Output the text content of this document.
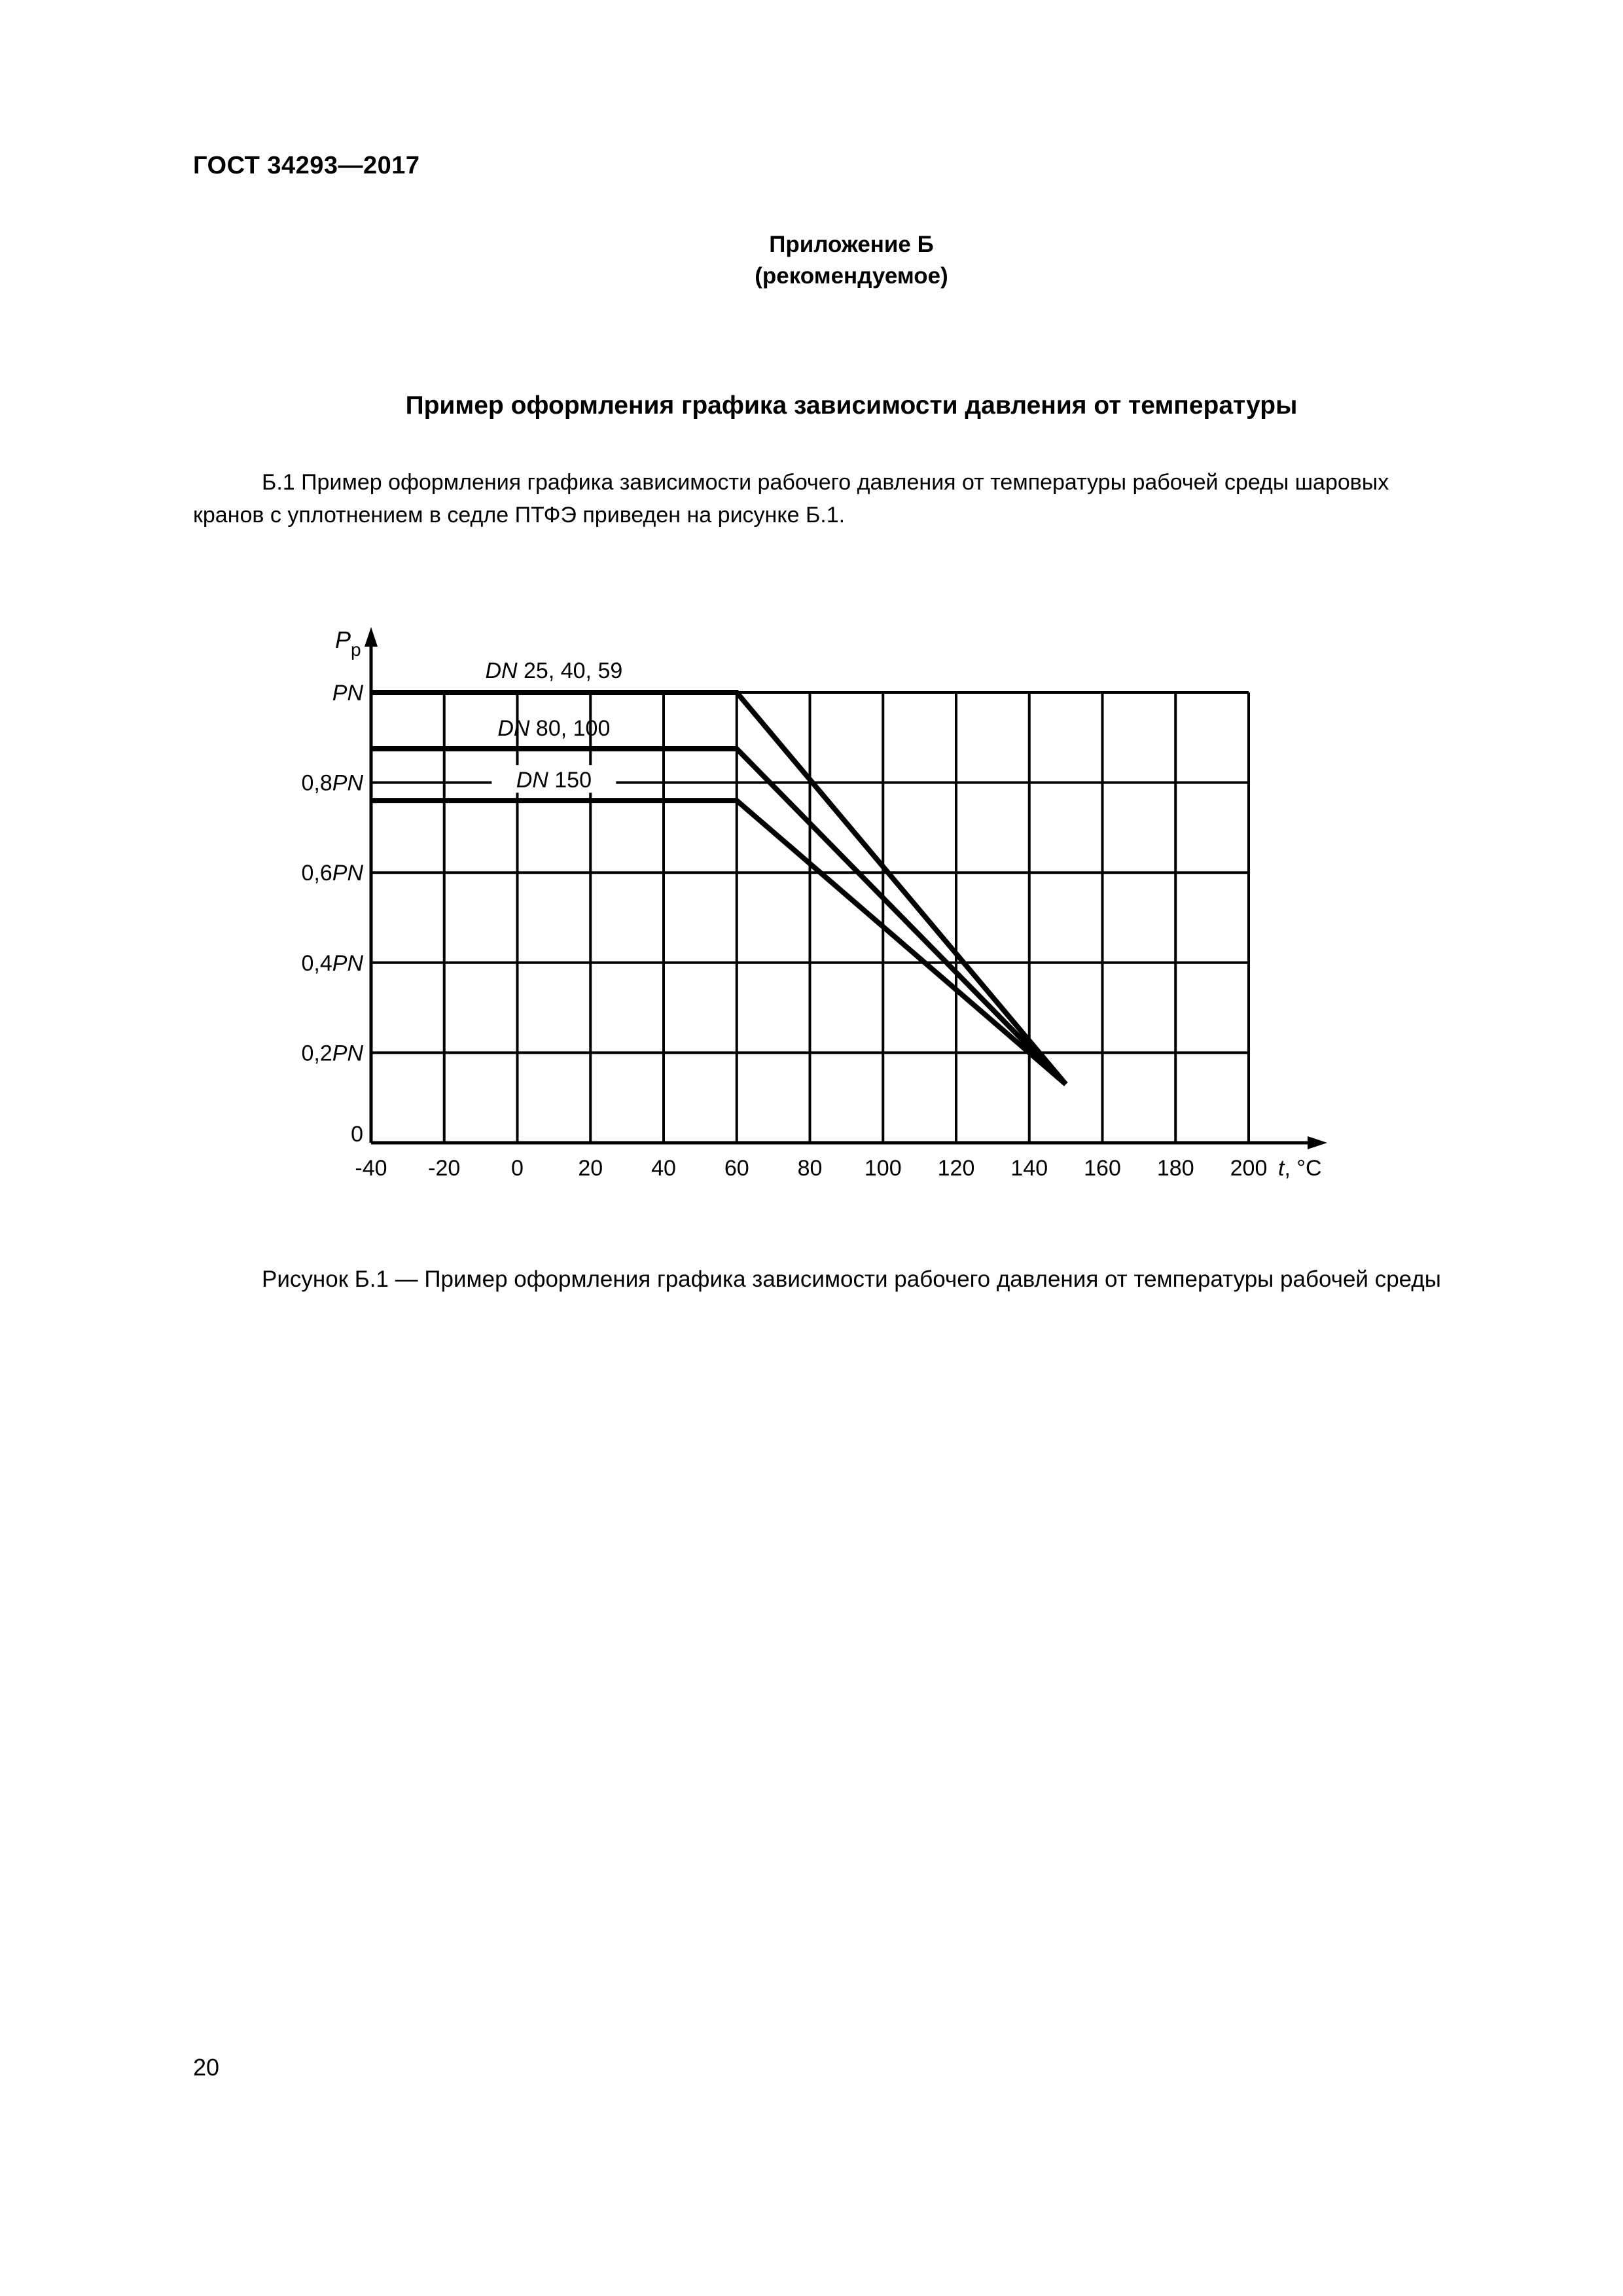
ГОСТ 34293—2017
Приложение Б
(рекомендуемое)
Пример оформления графика зависимости давления от температуры
Б.1 Пример оформления графика зависимости рабочего давления от температуры рабочей среды шаровых
кранов с уплотнением в седле ПТФЭ приведен на рисунке Б.1.
-40 -20 0 20 40 60 80 100 120 140 160 180 200 t, °C
0
0,2PN
0,4PN
0,6PN
0,8PN
PN
$P_p$
DN 25, 40, 59
DN 80, 100
DN 150
Рисунок Б.1 — Пример оформления графика зависимости рабочего давления от температуры рабочей среды
20
